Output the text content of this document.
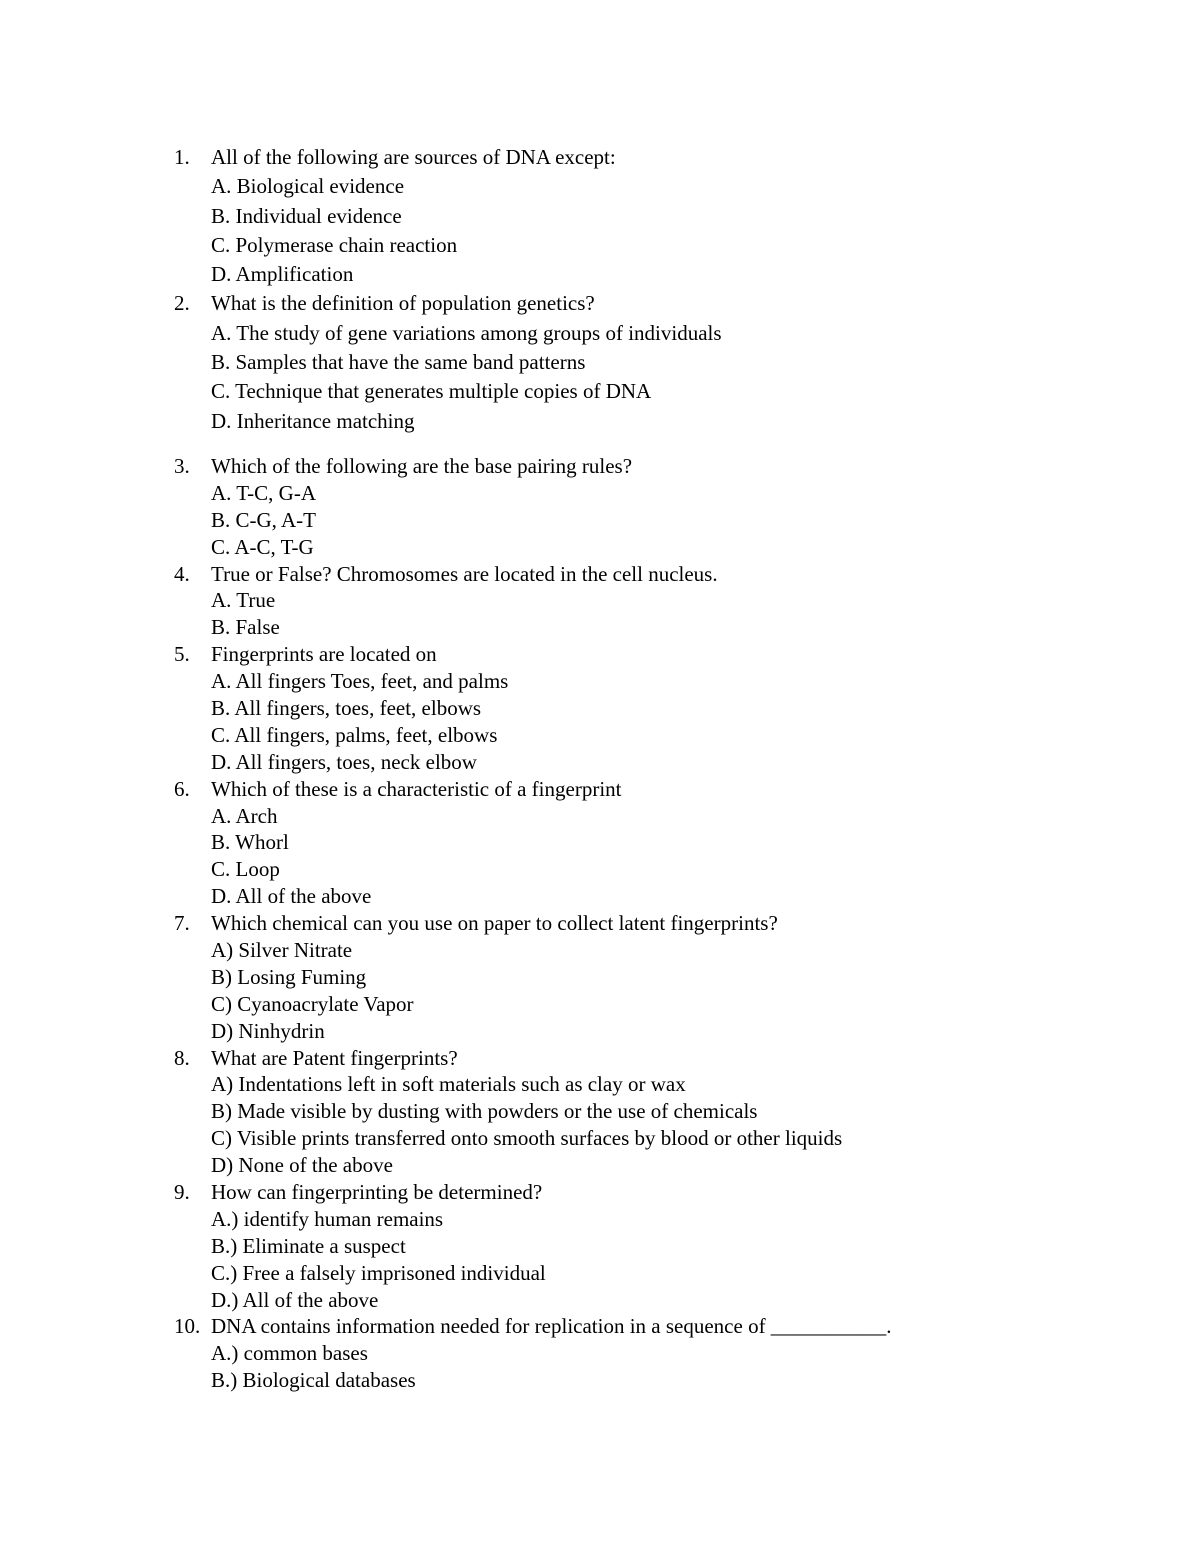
1.	All of the following are sources of DNA except:
A. Biological evidence
B. Individual evidence
C. Polymerase chain reaction
D. Amplification
2.	What is the definition of population genetics?
A. The study of gene variations among groups of individuals
B. Samples that have the same band patterns
C. Technique that generates multiple copies of DNA
D. Inheritance matching
3.	Which of the following are the base pairing rules?
A. T-C, G-A
B. C-G, A-T
C. A-C, T-G
4.	True or False? Chromosomes are located in the cell nucleus.
A. True
B. False
5.	Fingerprints are located on
A. All fingers Toes, feet, and palms
B. All fingers, toes, feet, elbows
C. All fingers, palms, feet, elbows
D. All fingers, toes, neck elbow
6.	Which of these is a characteristic of a fingerprint
A. Arch
B. Whorl
C. Loop
D. All of the above
7.	Which chemical can you use on paper to collect latent fingerprints?
A) Silver Nitrate
B) Losing Fuming
C) Cyanoacrylate Vapor
D) Ninhydrin
8.	What are Patent fingerprints?
A) Indentations left in soft materials such as clay or wax
B) Made visible by dusting with powders or the use of chemicals
C) Visible prints transferred onto smooth surfaces by blood or other liquids
D) None of the above
9.	How can fingerprinting be determined?
A.) identify human remains
B.) Eliminate a suspect
C.) Free a falsely imprisoned individual
D.) All of the above
10. DNA contains information needed for replication in a sequence of ___________.
A.) common bases
B.) Biological databases
